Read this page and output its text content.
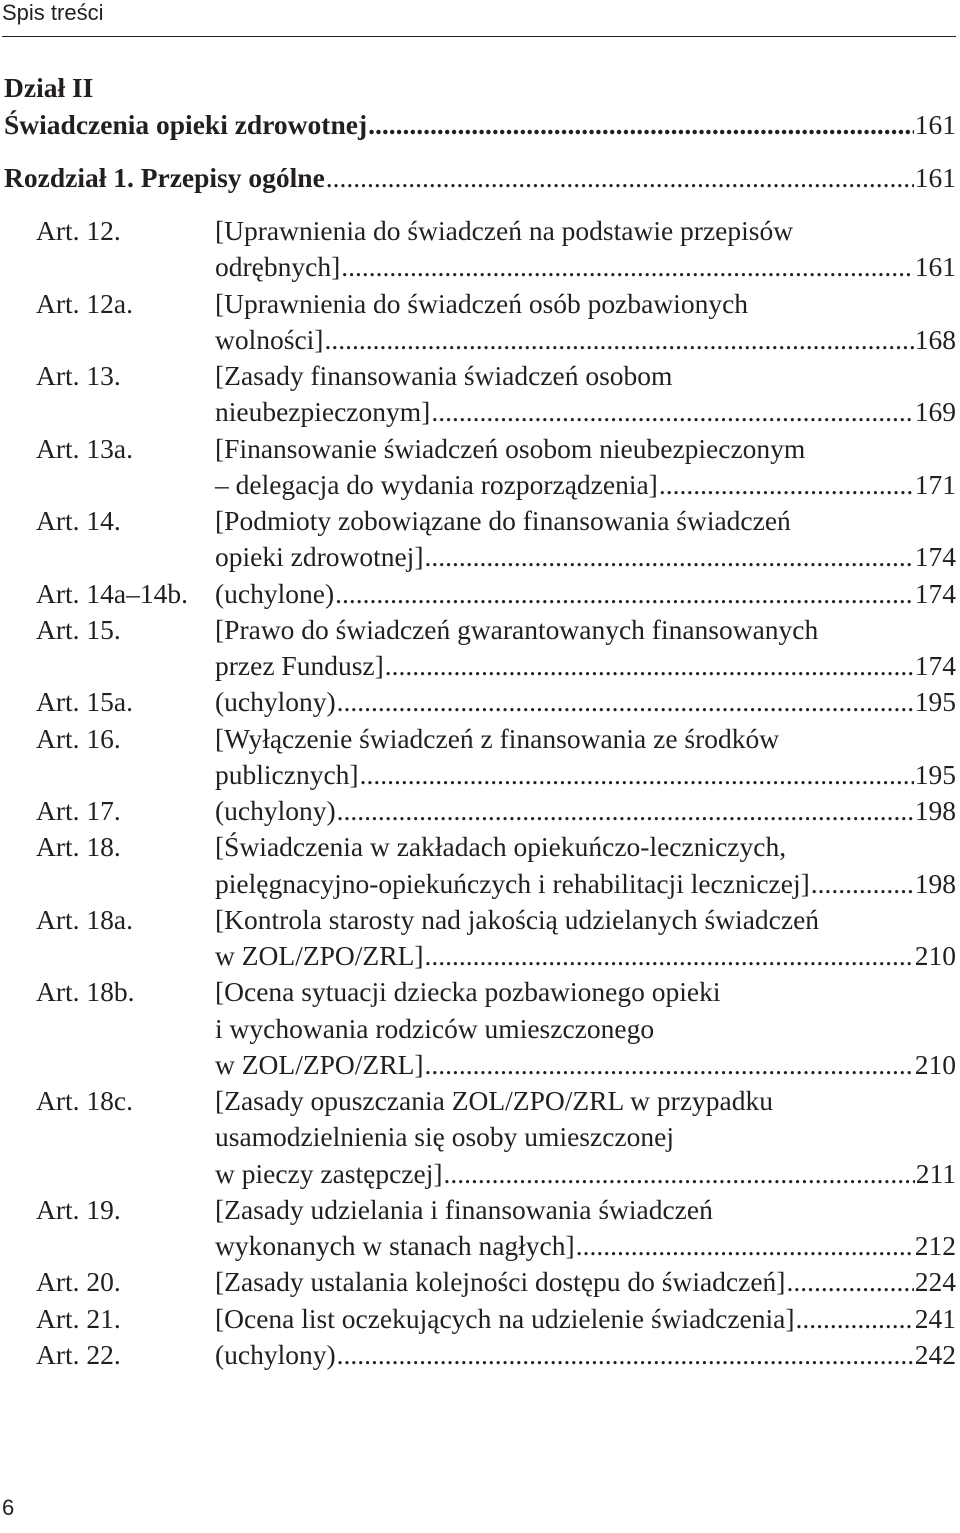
Spis treści
Dział II
Świadczenia opieki zdrowotnej .....	161
Rozdział 1. Przepisy ogólne .....	161
Art. 12.	[Uprawnienia do świadczeń na podstawie przepisów
odrębnych] .....	161
Art. 12a.	[Uprawnienia do świadczeń osób pozbawionych
wolności] .....	168
Art. 13.	[Zasady finansowania świadczeń osobom
nieubezpieczonym] .....	169
Art. 13a.	[Finansowanie świadczeń osobom nieubezpieczonym
– delegacja do wydania rozporządzenia] .....	171
Art. 14.	[Podmioty zobowiązane do finansowania świadczeń
opieki zdrowotnej] .....	174
Art. 14a–14b. (uchylone) .....	174
Art. 15.	[Prawo do świadczeń gwarantowanych finansowanych
przez Fundusz] .....	174
Art. 15a.	(uchylony) .....	195
Art. 16.	[Wyłączenie świadczeń z finansowania ze środków
publicznych] .....	195
Art. 17.	(uchylony) .....	198
Art. 18.	[Świadczenia w zakładach opiekuńczo-leczniczych,
pielęgnacyjno-opiekuńczych i rehabilitacji leczniczej] .....	198
Art. 18a.	[Kontrola starosty nad jakością udzielanych świadczeń
w ZOL/ZPO/ZRL] .....	210
Art. 18b.	[Ocena sytuacji dziecka pozbawionego opieki
i wychowania rodziców umieszczonego
w ZOL/ZPO/ZRL] .....	210
Art. 18c.	[Zasady opuszczania ZOL/ZPO/ZRL w przypadku
usamodzielnienia się osoby umieszczonej
w pieczy zastępczej] .....	211
Art. 19.	[Zasady udzielania i finansowania świadczeń
wykonanych w stanach nagłych] .....	212
Art. 20.	[Zasady ustalania kolejności dostępu do świadczeń] .....	224
Art. 21.	[Ocena list oczekujących na udzielenie świadczenia] .....	241
Art. 22.	(uchylony) .....	242
6
